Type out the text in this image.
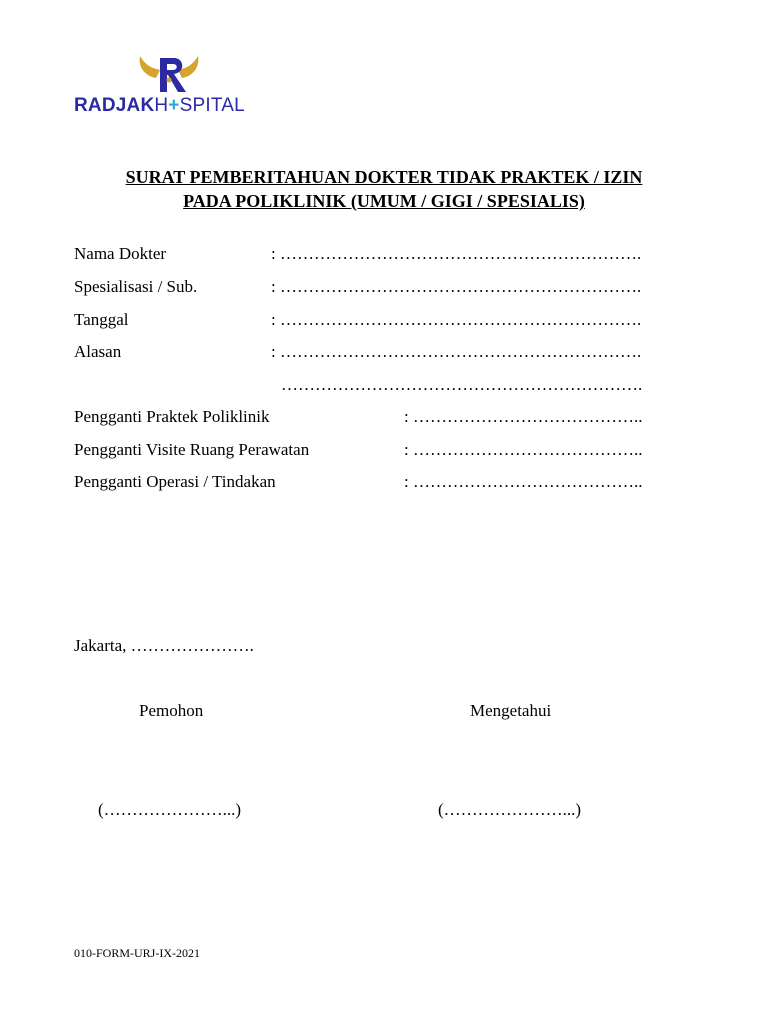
RADJAKH+SPITAL
SURAT PEMBERITAHUAN DOKTER TIDAK PRAKTEK / IZIN
PADA POLIKLINIK (UMUM / GIGI / SPESIALIS)
Nama Dokter	: ……………………………………………………….
Spesialisasi / Sub.	: ……………………………………………………….
Tanggal	: ……………………………………………………….
Alasan	: ……………………………………………………….
……………………………………………………….
Pengganti Praktek Poliklinik	: …………………………………..
Pengganti Visite Ruang Perawatan	: …………………………………..
Pengganti Operasi / Tindakan	: …………………………………..
Jakarta, ………………….
Pemohon	Mengetahui
(…………………...)	(…………………...)
010-FORM-URJ-IX-2021
